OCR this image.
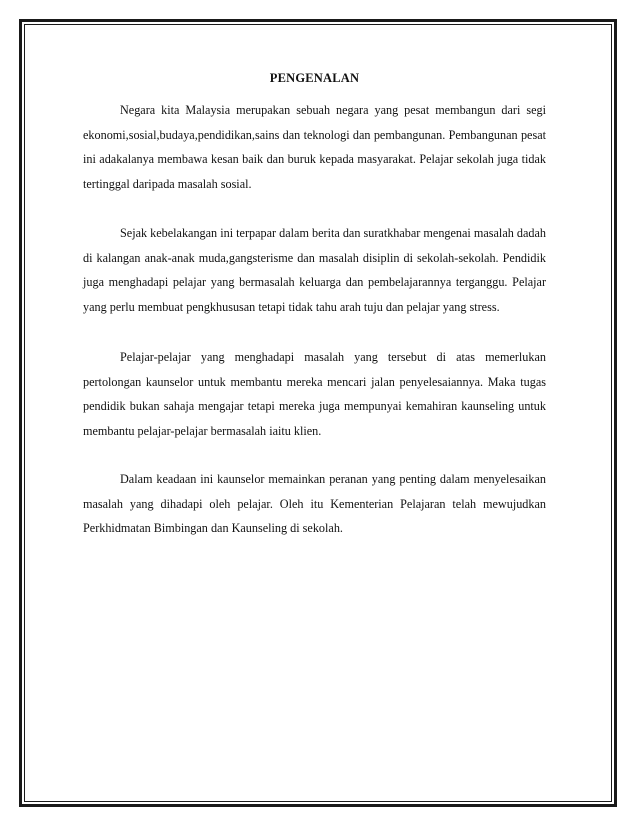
PENGENALAN

Negara kita Malaysia merupakan sebuah negara yang pesat membangun dari segi ekonomi,sosial,budaya,pendidikan,sains dan teknologi dan pembangunan. Pembangunan pesat ini adakalanya membawa kesan baik dan buruk kepada masyarakat. Pelajar sekolah juga tidak tertinggal daripada masalah sosial.

Sejak kebelakangan ini terpapar dalam berita dan suratkhabar mengenai masalah dadah di kalangan anak-anak muda,gangsterisme dan masalah disiplin di sekolah-sekolah. Pendidik juga menghadapi pelajar yang bermasalah keluarga dan pembelajarannya terganggu. Pelajar yang perlu membuat pengkhususan tetapi tidak tahu arah tuju dan pelajar yang stress.

Pelajar-pelajar yang menghadapi masalah yang tersebut di atas memerlukan pertolongan kaunselor untuk membantu mereka mencari jalan penyelesaiannya. Maka tugas pendidik bukan sahaja mengajar tetapi mereka juga mempunyai kemahiran kaunseling untuk membantu pelajar-pelajar bermasalah iaitu klien.

Dalam keadaan ini kaunselor memainkan peranan yang penting dalam menyelesaikan masalah yang dihadapi oleh pelajar. Oleh itu Kementerian Pelajaran telah mewujudkan Perkhidmatan Bimbingan dan Kaunseling di sekolah.
